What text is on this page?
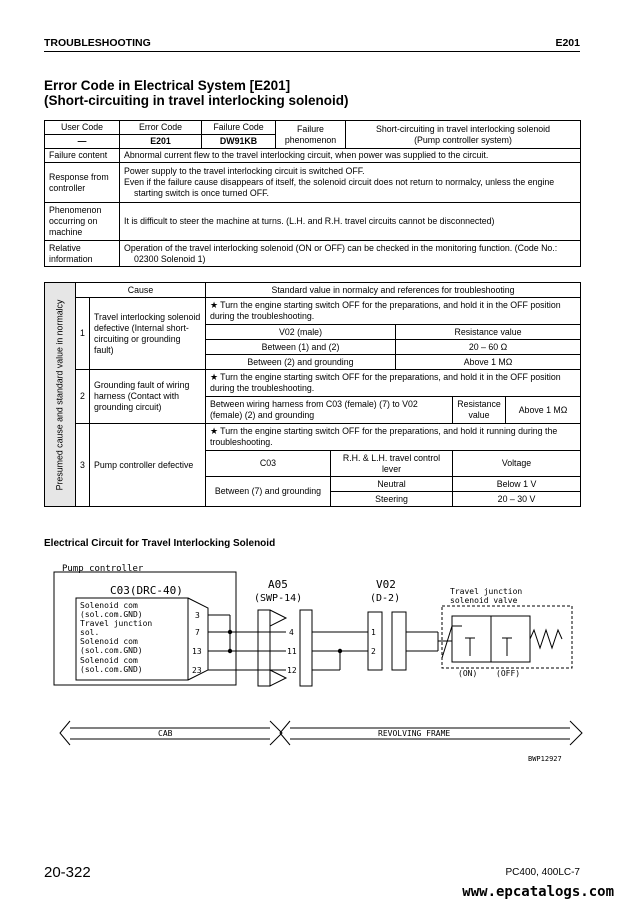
TROUBLESHOOTING	E201
Error Code in Electrical System [E201]
(Short-circuiting in travel interlocking solenoid)
User Code	Error Code	Failure Code	Failure phenomenon	Short-circuiting in travel interlocking solenoid
(Pump controller system)

—	E201	DW91KB		
Failure content	Abnormal current flew to the travel interlocking circuit, when power was supplied to the circuit.			

Response from controller	Power supply to the travel interlocking circuit is switched OFF.
Even if the failure cause disappears of itself, the solenoid circuit does not return to normalcy, unless the engine starting switch is once turned OFF.			

Phenomenon occurring on machine	It is difficult to steer the machine at turns. (L.H. and R.H. travel circuits cannot be disconnected)			

Relative information	Operation of the travel interlocking solenoid (ON or OFF) can be checked in the monitoring function. (Code No.: 02300 Solenoid 1)			
Presumed cause and standard value in normalcy	Cause		Standard value in normalcy and references for troubleshooting				
	1	Travel interlocking solenoid defective (Internal short-circuiting or grounding fault)	★ Turn the engine starting switch OFF for the preparations, and hold it in the OFF position during the troubleshooting.				
			V02 (male)		Resistance value		
			Between (1) and (2)		20 – 60 Ω		
			Between (2) and grounding		Above 1 MΩ		
	2	Grounding fault of wiring harness (Contact with grounding circuit)	★ Turn the engine starting switch OFF for the preparations, and hold it in the OFF position during the troubleshooting.				
			Between wiring harness from C03 (female) (7) to V02 (female) (2) and grounding			Resistance value	Above 1 MΩ
	3	Pump controller defective	★ Turn the engine starting switch OFF for the preparations, and hold it running during the troubleshooting.				
			C03	R.H. & L.H. travel control lever		Voltage	
			Between (7) and grounding	Neutral		Below 1 V	
				Steering		20 – 30 V	
Electrical Circuit for Travel Interlocking Solenoid
Pump controller
C03(DRC-40)
Solenoid com
(sol.com.GND)
Travel junction
sol.
Solenoid com
(sol.com.GND)
Solenoid com
(sol.com.GND)
3
7
13
23
A05
(SWP-14)
4
11
12
V02
(D-2)
1
2
Travel junction
solenoid valve
(ON) (OFF)
CAB	REVOLVING FRAME
BWP12927
20-322	PC400, 400LC-7
www.epcatalogs.com
